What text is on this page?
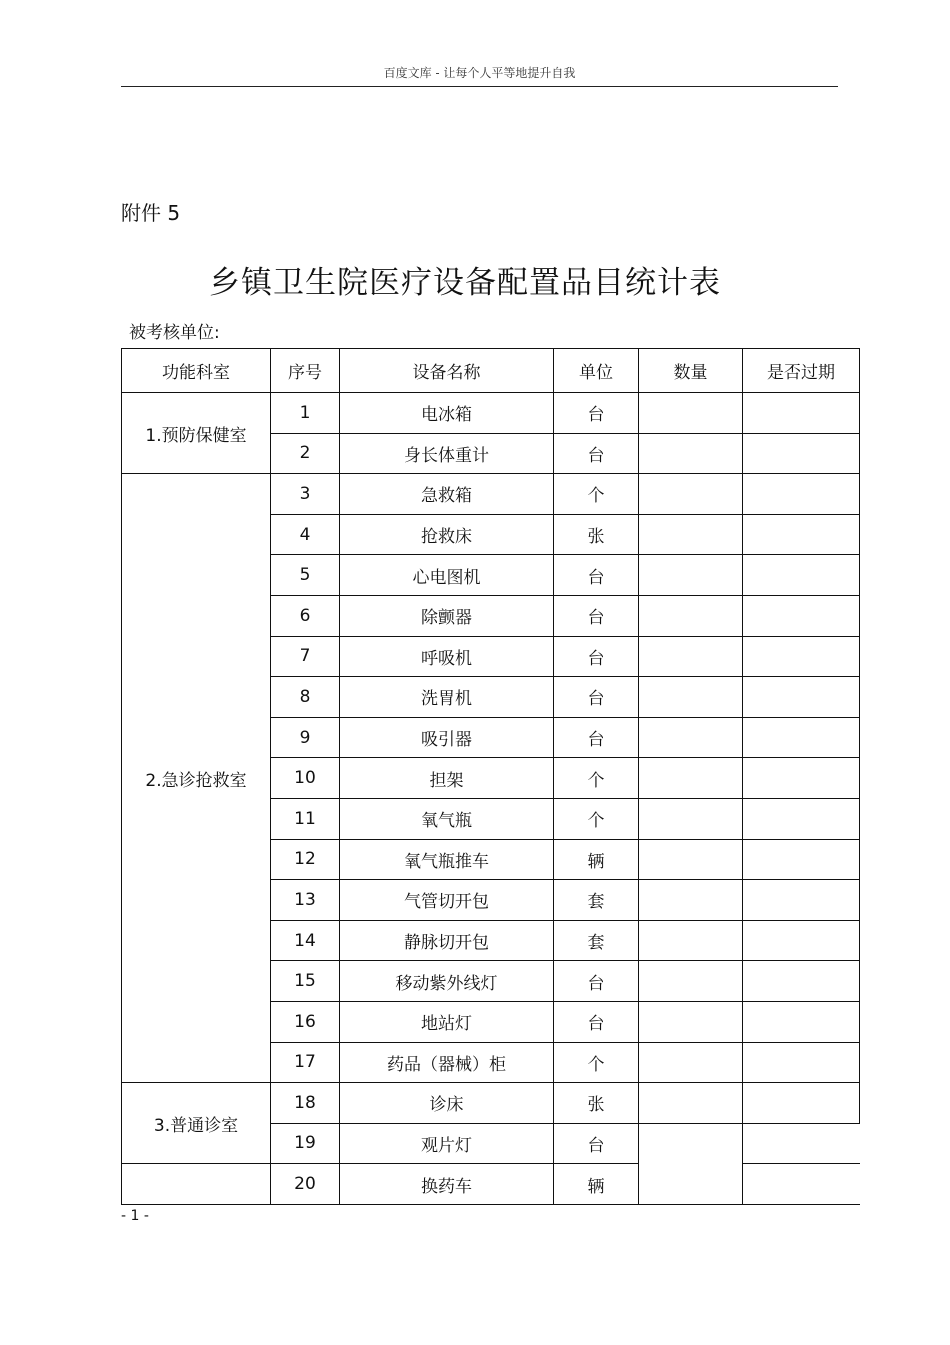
百度文库 - 让每个人平等地提升自我
附件 5
乡镇卫生院医疗设备配置品目统计表
被考核单位:
功能科室	序号	设备名称	单位	数量	是否过期
1.预防保健室	1	电冰箱	台		
	2	身长体重计	台		
2.急诊抢救室	3	急救箱	个		
	4	抢救床	张		
	5	心电图机	台		
	6	除颤器	台		
	7	呼吸机	台		
	8	洗胃机	台		
	9	吸引器	台		
	10	担架	个		
	11	氧气瓶	个		
	12	氧气瓶推车	辆		
	13	气管切开包	套		
	14	静脉切开包	套		
	15	移动紫外线灯	台		
	16	地站灯	台		
	17	药品（器械）柜	个		
3.普通诊室	18	诊床	张		
	19	观片灯	台		
	20	换药车	辆		
- 1 -
